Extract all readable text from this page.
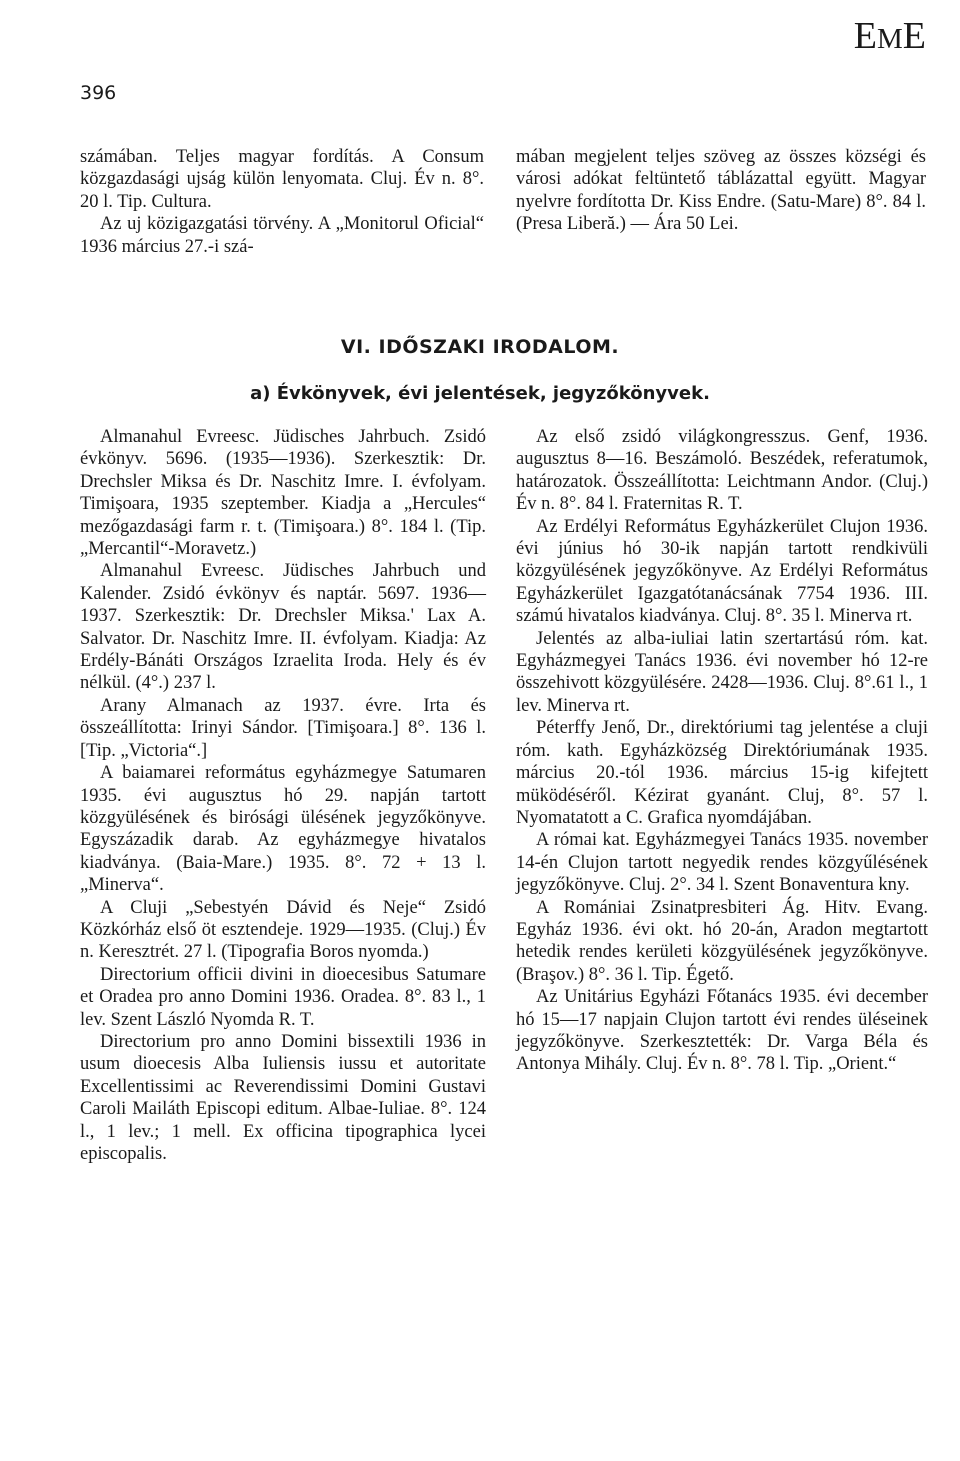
396
EME

számában. Teljes magyar fordítás. A Consum közgazdasági ujság külön lenyomata. Cluj. Év n. 8°. 20 l. Tip. Cultura.

Az uj közigazgatási törvény. A „Monitorul Oficial“ 1936 március 27.-i szá-

mában megjelent teljes szöveg az összes községi és városi adókat feltüntető táblázattal együtt. Magyar nyelvre fordította Dr. Kiss Endre. (Satu-Mare) 8°. 84 l. (Presa Liberă.) — Ára 50 Lei.

VI. IDŐSZAKI IRODALOM.
a) Évkönyvek, évi jelentések, jegyzőkönyvek.

Almanahul Evreesc. Jüdisches Jahrbuch. Zsidó évkönyv. 5696. (1935—1936). Szerkesztik: Dr. Drechsler Miksa és Dr. Naschitz Imre. I. évfolyam. Timişoara, 1935 szeptember. Kiadja a „Hercules“ mezőgazdasági farm r. t. (Timişoara.) 8°. 184 l. (Tip. „Mercantil“-Moravetz.)

Almanahul Evreesc. Jüdisches Jahrbuch und Kalender. Zsidó évkönyv és naptár. 5697. 1936—1937. Szerkesztik: Dr. Drechsler Miksa.' Lax A. Salvator. Dr. Naschitz Imre. II. évfolyam. Kiadja: Az Erdély-Bánáti Országos Izraelita Iroda. Hely és év nélkül. (4°.) 237 l.

Arany Almanach az 1937. évre. Irta és összeállította: Irinyi Sándor. [Timişoara.] 8°. 136 l. [Tip. „Victoria“.]

A baiamarei református egyházmegye Satumaren 1935. évi augusztus hó 29. napján tartott közgyülésének és birósági ülésének jegyzőkönyve. Egyszázadik darab. Az egyházmegye hivatalos kiadványa. (Baia-Mare.) 1935. 8°. 72 + 13 l. „Minerva“.

A Cluji „Sebestyén Dávid és Neje“ Zsidó Közkórház első öt esztendeje. 1929—1935. (Cluj.) Év n. Keresztrét. 27 l. (Tipografia Boros nyomda.)

Directorium officii divini in dioecesibus Satumare et Oradea pro anno Domini 1936. Oradea. 8°. 83 l., 1 lev. Szent László Nyomda R. T.

Directorium pro anno Domini bissextili 1936 in usum dioecesis Alba Iuliensis iussu et autoritate Excellentissimi ac Reverendissimi Domini Gustavi Caroli Mailáth Episcopi editum. Albae-Iuliae. 8°. 124 l., 1 lev.; 1 mell. Ex officina tipographica lycei episcopalis.

Az első zsidó világkongresszus. Genf, 1936. augusztus 8—16. Beszámoló. Beszédek, referatumok, határozatok. Összeállította: Leichtmann Andor. (Cluj.) Év n. 8°. 84 l. Fraternitas R. T.

Az Erdélyi Református Egyházkerület Clujon 1936. évi június hó 30-ik napján tartott rendkivüli közgyülésének jegyzőkönyve. Az Erdélyi Református Egyházkerület Igazgatótanácsának 7754 1936. III. számú hivatalos kiadványa. Cluj. 8°. 35 l. Minerva rt.

Jelentés az alba-iuliai latin szertartású róm. kat. Egyházmegyei Tanács 1936. évi november hó 12-re összehivott közgyülésére. 2428—1936. Cluj. 8°.61 l., 1 lev. Minerva rt.

Péterffy Jenő, Dr., direktóriumi tag jelentése a cluji róm. kath. Egyházközség Direktóriumának 1935. március 20.-tól 1936. március 15-ig kifejtett müködéséről. Kézirat gyanánt. Cluj, 8°. 57 l. Nyomatatott a C. Grafica nyomdájában.

A római kat. Egyházmegyei Tanács 1935. november 14-én Clujon tartott negyedik rendes közgyűlésének jegyzőkönyve. Cluj. 2°. 34 l. Szent Bonaventura kny.

A Romániai Zsinatpresbiteri Ág. Hitv. Evang. Egyház 1936. évi okt. hó 20-án, Aradon megtartott hetedik rendes kerületi közgyülésének jegyzőkönyve. (Braşov.) 8°. 36 l. Tip. Égető.

Az Unitárius Egyházi Főtanács 1935. évi december hó 15—17 napjain Clujon tartott évi rendes üléseinek jegyzőkönyve. Szerkesztették: Dr. Varga Béla és Antonya Mihály. Cluj. Év n. 8°. 78 l. Tip. „Orient.“
